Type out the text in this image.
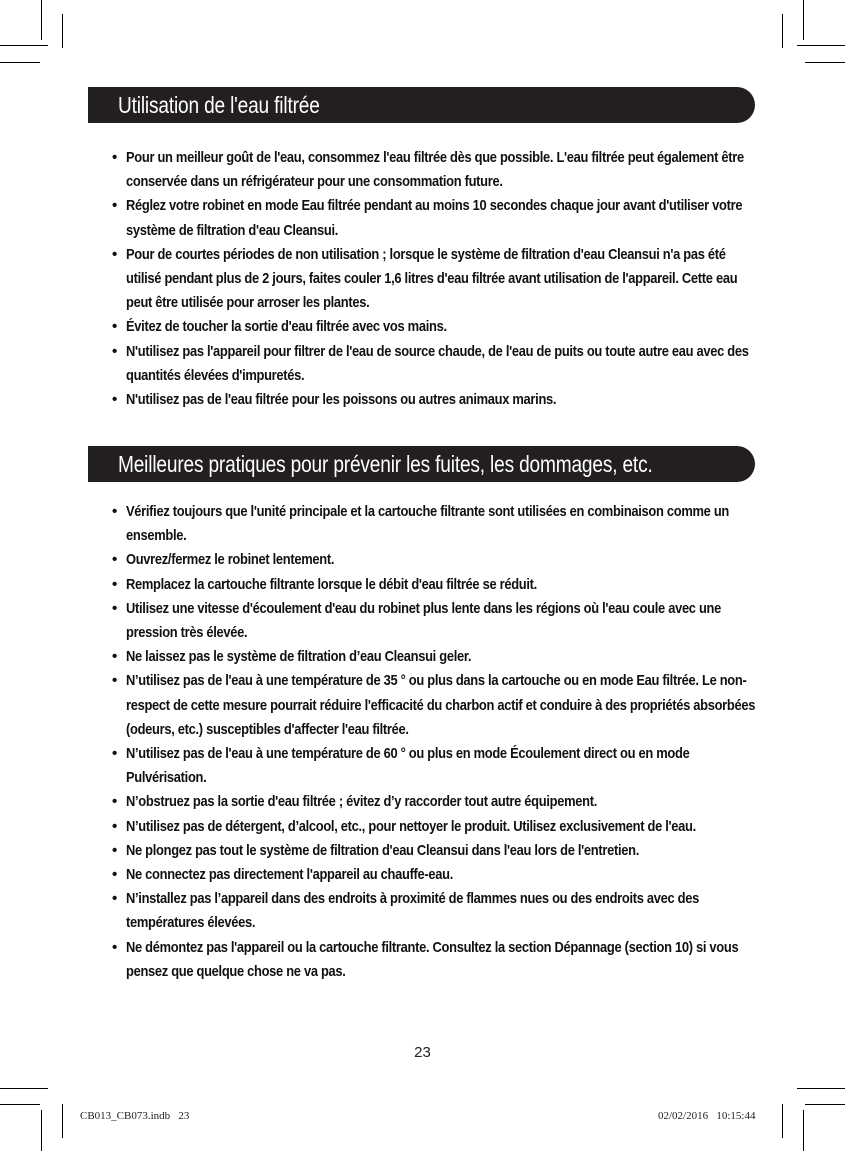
Utilisation de l'eau filtrée
• Pour un meilleur goût de l'eau, consommez l'eau filtrée dès que possible. L'eau filtrée peut également être conservée dans un réfrigérateur pour une consommation future.
• Réglez votre robinet en mode Eau filtrée pendant au moins 10 secondes chaque jour avant d'utiliser votre système de filtration d'eau Cleansui.
• Pour de courtes périodes de non utilisation ; lorsque le système de filtration d'eau Cleansui n'a pas été utilisé pendant plus de 2 jours, faites couler 1,6 litres d'eau filtrée avant utilisation de l'appareil. Cette eau peut être utilisée pour arroser les plantes.
• Évitez de toucher la sortie d'eau filtrée avec vos mains.
• N'utilisez pas l'appareil pour filtrer de l'eau de source chaude, de l'eau de puits ou toute autre eau avec des quantités élevées d'impuretés.
• N'utilisez pas de l'eau filtrée pour les poissons ou autres animaux marins.
Meilleures pratiques pour prévenir les fuites, les dommages, etc.
• Vérifiez toujours que l'unité principale et la cartouche filtrante sont utilisées en combinaison comme un ensemble.
• Ouvrez/fermez le robinet lentement.
• Remplacez la cartouche filtrante lorsque le débit d'eau filtrée se réduit.
• Utilisez une vitesse d'écoulement d'eau du robinet plus lente dans les régions où l'eau coule avec une pression très élevée.
• Ne laissez pas le système de filtration d’eau Cleansui geler.
• N’utilisez pas de l'eau à une température de 35 ° ou plus dans la cartouche ou en mode Eau filtrée. Le non-respect de cette mesure pourrait réduire l'efficacité du charbon actif et conduire à des propriétés absorbées (odeurs, etc.) susceptibles d'affecter l'eau filtrée.
• N’utilisez pas de l'eau à une température de 60 ° ou plus en mode Écoulement direct ou en mode Pulvérisation.
• N’obstruez pas la sortie d'eau filtrée ; évitez d’y raccorder tout autre équipement.
• N’utilisez pas de détergent, d’alcool, etc., pour nettoyer le produit. Utilisez exclusivement de l'eau.
• Ne plongez pas tout le système de filtration d'eau Cleansui dans l'eau lors de l'entretien.
• Ne connectez pas directement l'appareil au chauffe-eau.
• N’installez pas l’appareil dans des endroits à proximité de flammes nues ou des endroits avec des températures élevées.
• Ne démontez pas l'appareil ou la cartouche filtrante. Consultez la section Dépannage (section 10) si vous pensez que quelque chose ne va pas.
23
CB013_CB073.indb   23	02/02/2016   10:15:44
